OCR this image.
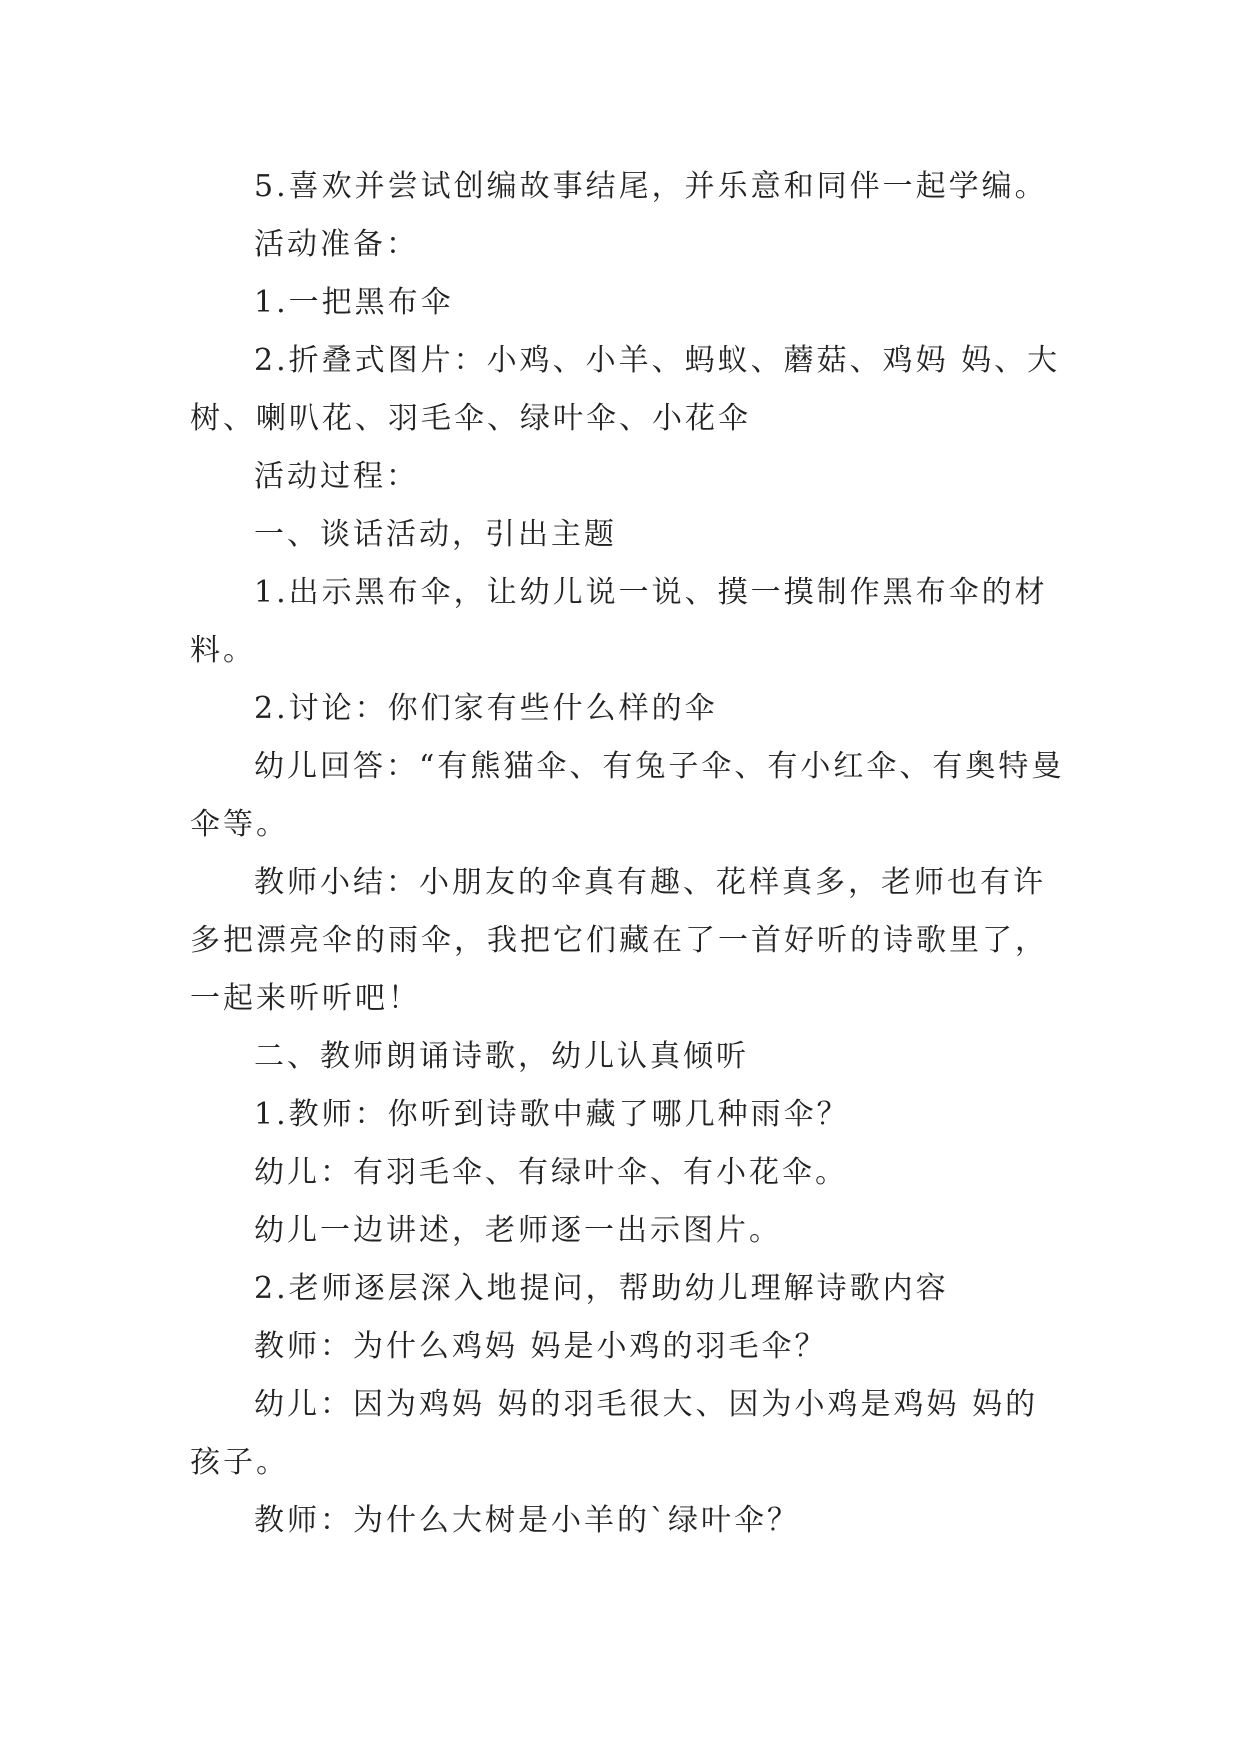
5.喜欢并尝试创编故事结尾，并乐意和同伴一起学编。

活动准备：

1.一把黑布伞

2.折叠式图片：小鸡、小羊、蚂蚁、蘑菇、鸡妈 妈、大树、喇叭花、羽毛伞、绿叶伞、小花伞

活动过程：

一、谈话活动，引出主题

1.出示黑布伞，让幼儿说一说、摸一摸制作黑布伞的材料。

2.讨论：你们家有些什么样的伞

幼儿回答：“有熊猫伞、有兔子伞、有小红伞、有奥特曼伞等。

教师小结：小朋友的伞真有趣、花样真多，老师也有许多把漂亮伞的雨伞，我把它们藏在了一首好听的诗歌里了，一起来听听吧！

二、教师朗诵诗歌，幼儿认真倾听

1.教师：你听到诗歌中藏了哪几种雨伞？

幼儿：有羽毛伞、有绿叶伞、有小花伞。

幼儿一边讲述，老师逐一出示图片。

2.老师逐层深入地提问，帮助幼儿理解诗歌内容

教师：为什么鸡妈 妈是小鸡的羽毛伞？

幼儿：因为鸡妈 妈的羽毛很大、因为小鸡是鸡妈 妈的孩子。

教师：为什么大树是小羊的`绿叶伞？
